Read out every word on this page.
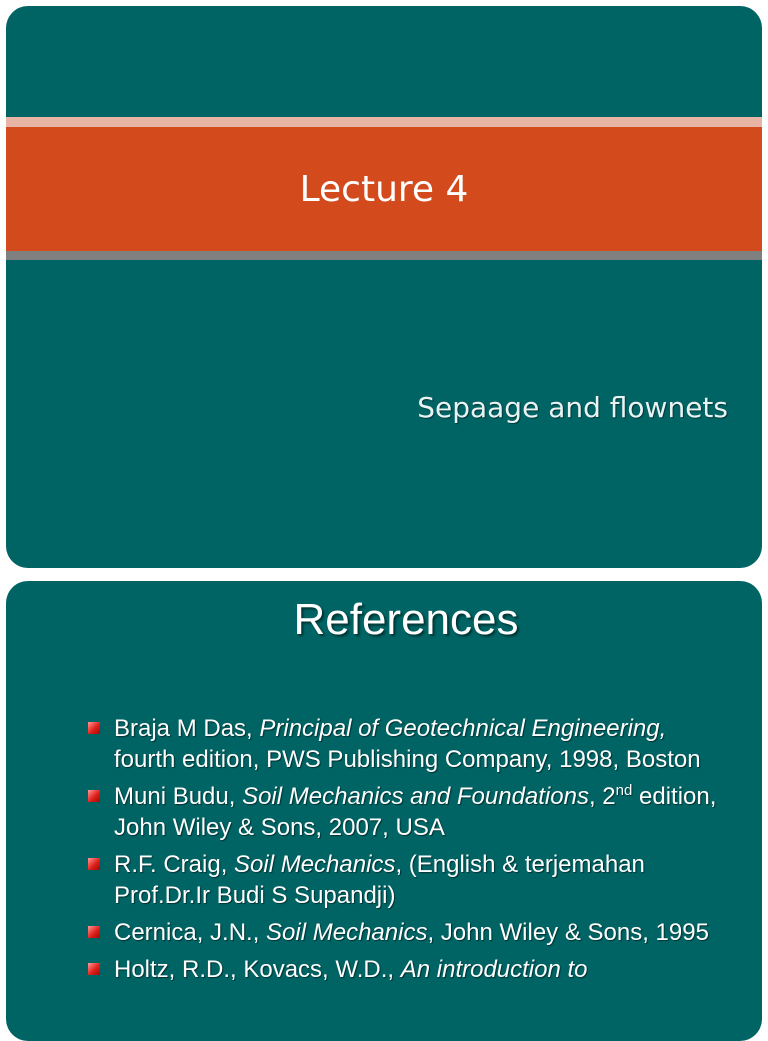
Lecture 4
Sepaage and flownets
References
Braja M Das, Principal of Geotechnical Engineering, fourth edition, PWS Publishing Company, 1998, Boston
Muni Budu, Soil Mechanics and Foundations, 2nd edition, John Wiley & Sons, 2007, USA
R.F. Craig, Soil Mechanics, (English & terjemahan Prof.Dr.Ir Budi S Supandji)
Cernica, J.N., Soil Mechanics, John Wiley & Sons, 1995
Holtz, R.D., Kovacs, W.D., An introduction to
